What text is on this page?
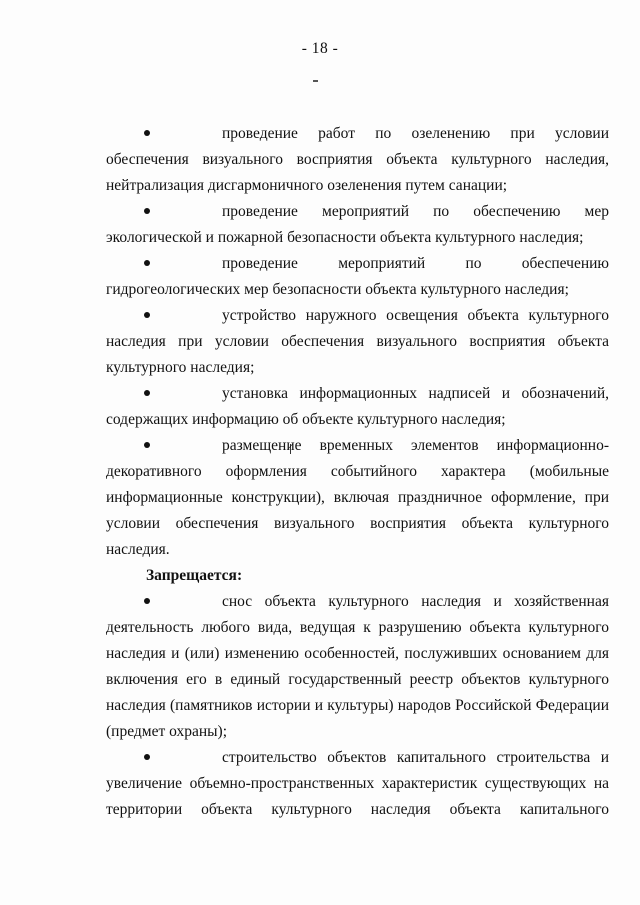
- 18 -
проведение работ по озеленению при условии обеспечения визуального восприятия объекта культурного наследия, нейтрализация дисгармоничного озеленения путем санации;
проведение мероприятий по обеспечению мер экологической и пожарной безопасности объекта культурного наследия;
проведение мероприятий по обеспечению гидрогеологических мер безопасности объекта культурного наследия;
устройство наружного освещения объекта культурного наследия при условии обеспечения визуального восприятия объекта культурного наследия;
установка информационных надписей и обозначений, содержащих информацию об объекте культурного наследия;
размещение временных элементов информационно-декоративного оформления событийного характера (мобильные информационные конструкции), включая праздничное оформление, при условии обеспечения визуального восприятия объекта культурного наследия.

Запрещается:

снос объекта культурного наследия и хозяйственная деятельность любого вида, ведущая к разрушению объекта культурного наследия и (или) изменению особенностей, послуживших основанием для включения его в единый государственный реестр объектов культурного наследия (памятников истории и культуры) народов Российской Федерации (предмет охраны);
строительство объектов капитального строительства и увеличение объемно-пространственных характеристик существующих на территории объекта культурного наследия объекта капитального
